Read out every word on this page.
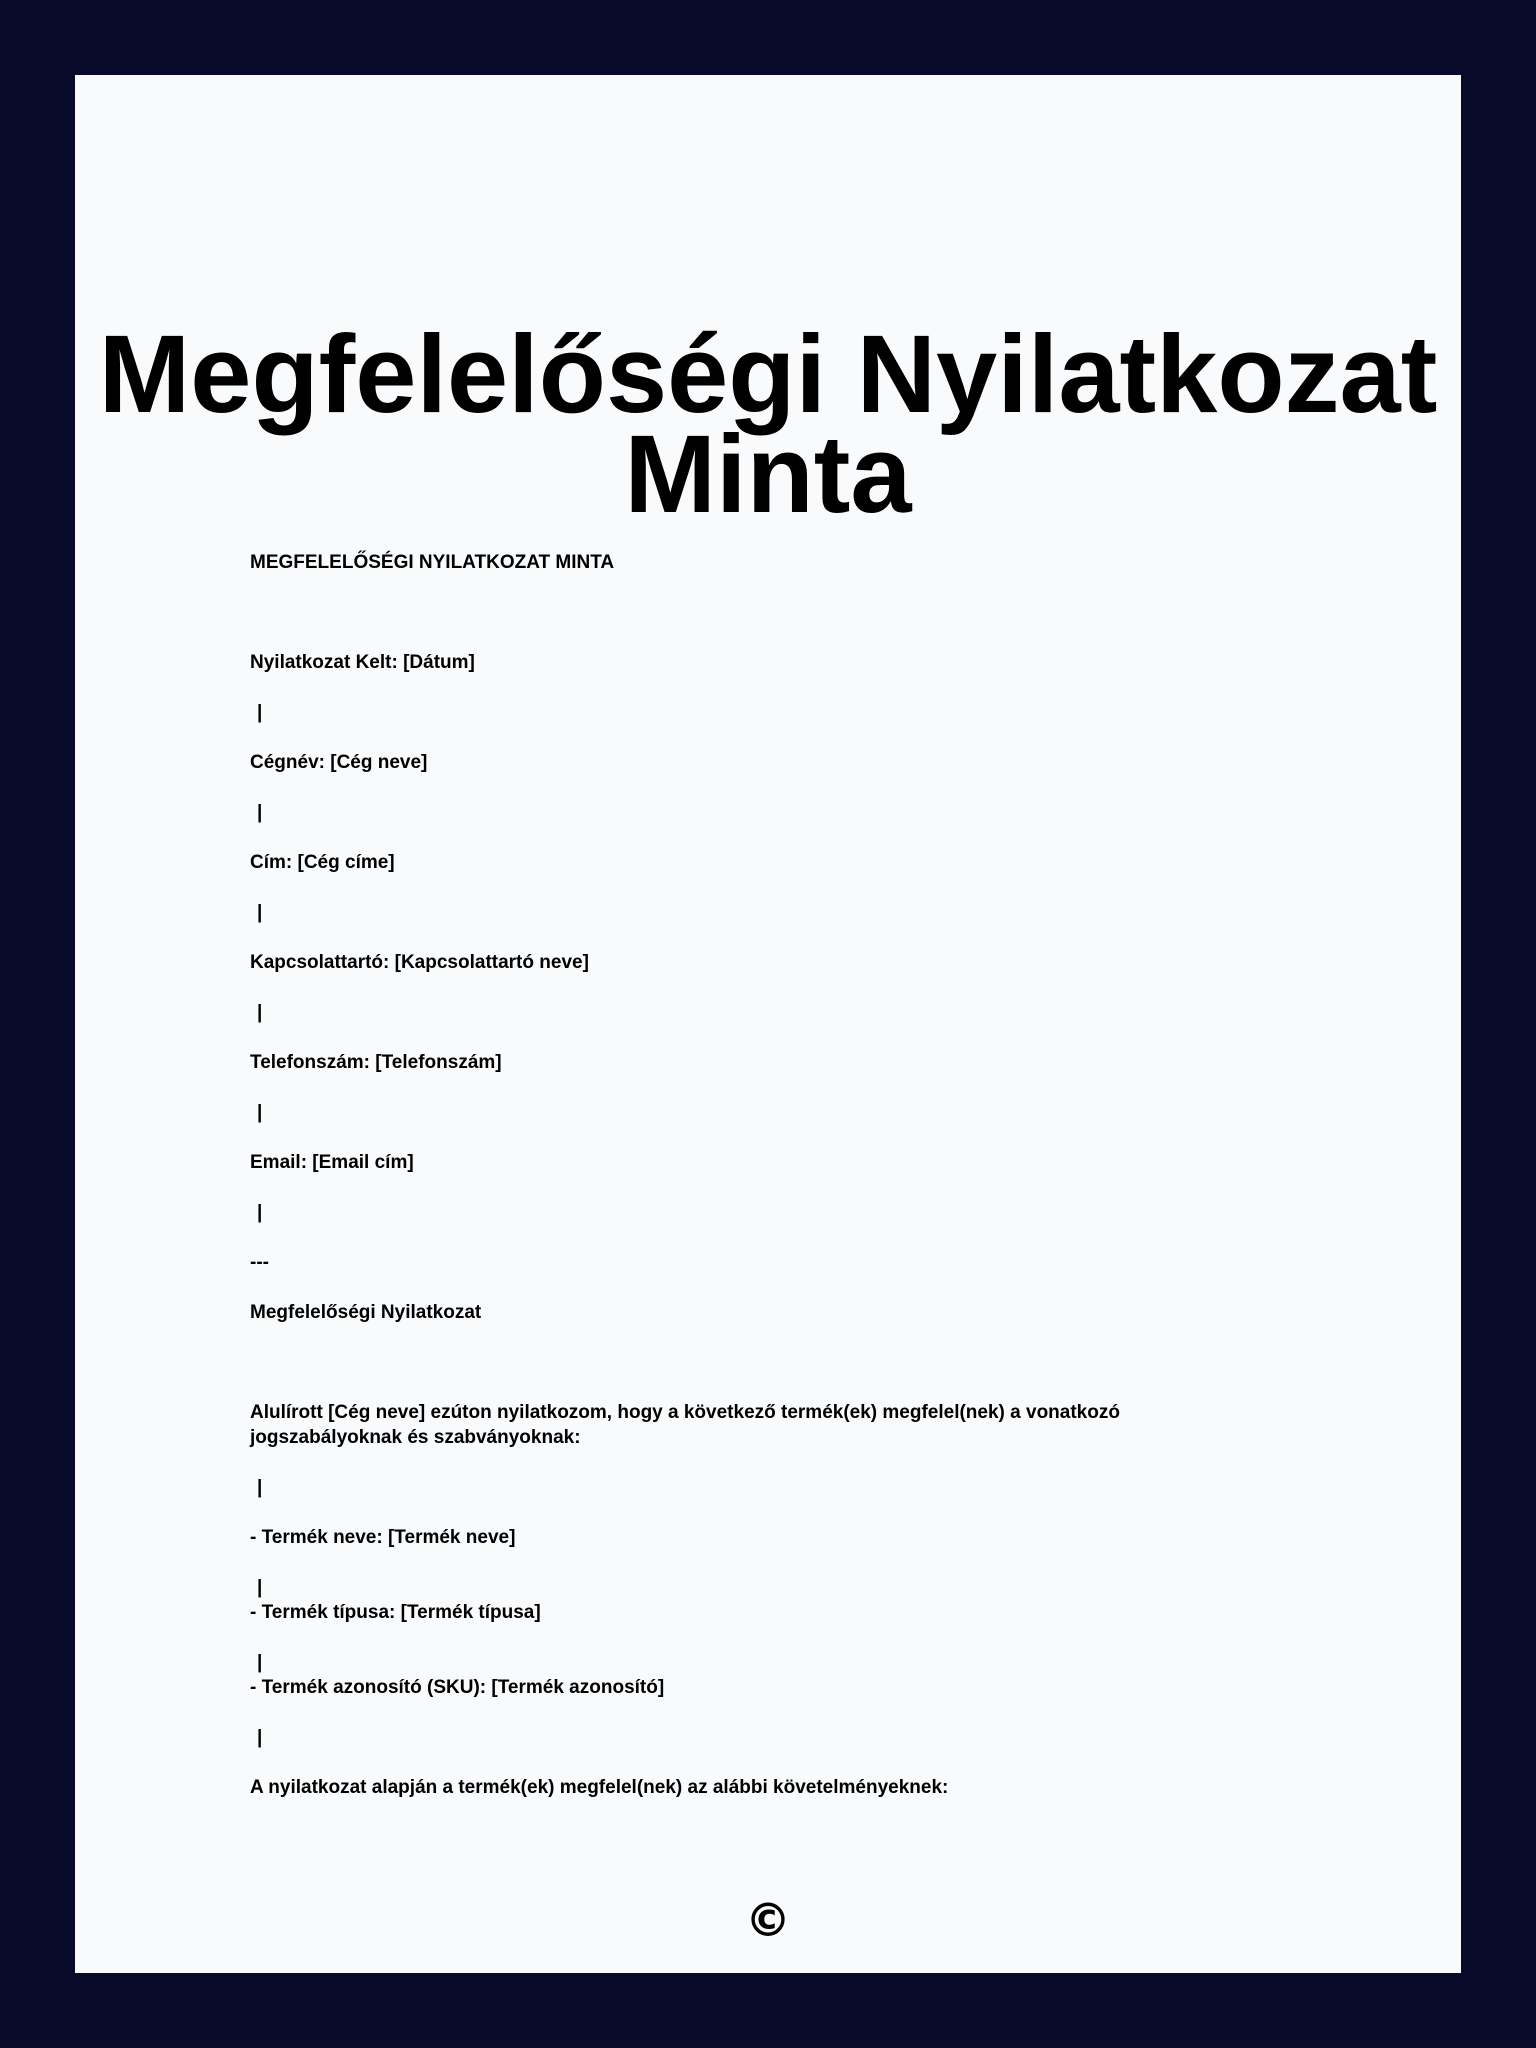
Megfelelőségi Nyilatkozat Minta

MEGFELELŐSÉGI NYILATKOZAT MINTA

Nyilatkozat Kelt: [Dátum]

|

Cégnév: [Cég neve]

|

Cím: [Cég címe]

|

Kapcsolattartó: [Kapcsolattartó neve]

|

Telefonszám: [Telefonszám]

|

Email: [Email cím]

|

---

Megfelelőségi Nyilatkozat

Alulírott [Cég neve] ezúton nyilatkozom, hogy a következő termék(ek) megfelel(nek) a vonatkozó jogszabályoknak és szabványoknak:

|

- Termék neve: [Termék neve]

|

- Termék típusa: [Termék típusa]

|

- Termék azonosító (SKU): [Termék azonosító]

|

A nyilatkozat alapján a termék(ek) megfelel(nek) az alábbi követelményeknek:

©
